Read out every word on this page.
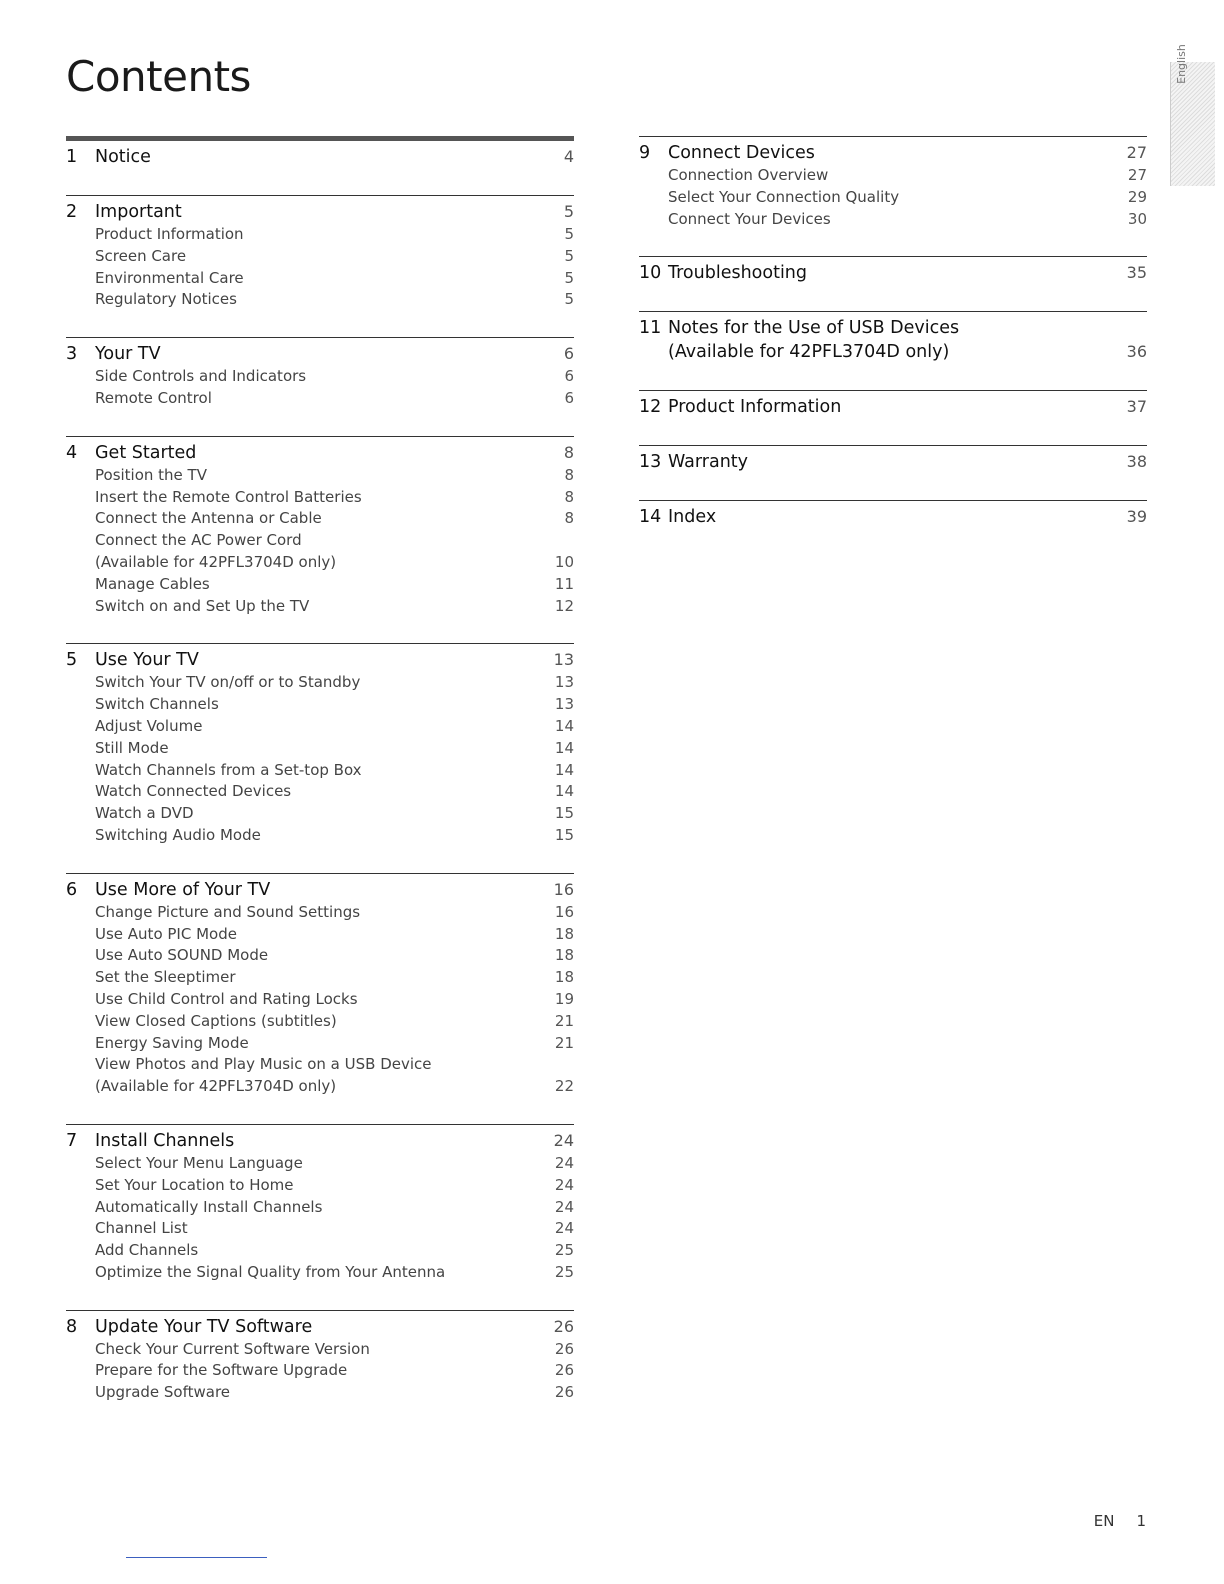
Contents	English
1	Notice	4
2	Important	5
Product Information	5
Screen Care	5
Environmental Care	5
Regulatory Notices	5
3	Your TV	6
Side Controls and Indicators	6
Remote Control	6
4	Get Started	8
Position the TV	8
Insert the Remote Control Batteries	8
Connect the Antenna or Cable	8
Connect the AC Power Cord
(Available for 42PFL3704D only)	10
Manage Cables	11
Switch on and Set Up the TV	12
5	Use Your TV	13
Switch Your TV on/off or to Standby	13
Switch Channels	13
Adjust Volume	14
Still Mode	14
Watch Channels from a Set-top Box	14
Watch Connected Devices	14
Watch a DVD	15
Switching Audio Mode	15
6	Use More of Your TV	16
Change Picture and Sound Settings	16
Use Auto PIC Mode	18
Use Auto SOUND Mode	18
Set the Sleeptimer	18
Use Child Control and Rating Locks	19
View Closed Captions (subtitles)	21
Energy Saving Mode	21
View Photos and Play Music on a USB Device
(Available for 42PFL3704D only)	22
7	Install Channels	24
Select Your Menu Language	24
Set Your Location to Home	24
Automatically Install Channels	24
Channel List	24
Add Channels	25
Optimize the Signal Quality from Your Antenna	25
8	Update Your TV Software	26
Check Your Current Software Version	26
Prepare for the Software Upgrade	26
Upgrade Software	26
9	Connect Devices	27
Connection Overview	27
Select Your Connection Quality	29
Connect Your Devices	30
10 Troubleshooting	35
11 Notes for the Use of USB Devices
(Available for 42PFL3704D only)	36
12 Product Information	37
13 Warranty	38
14 Index	39
EN 1
